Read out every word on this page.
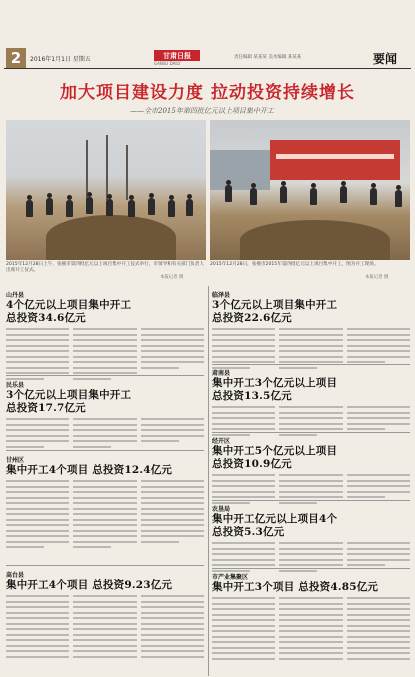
2	2016年1月1日 星期五	甘肃日报
GANSU DAILY
责任编辑 某某某 美术编辑 某某某	要闻
加大项目建设力度 拉动投资持续增长
——全市2015年第四批亿元以上项目集中开工
2015年12月28日上午，张掖市第四批亿元以上项目集中开工仪式举行，市领导和有关部门负责人出席开工仪式。
本报记者 摄
2015年12月28日，张掖市2015年第四批亿元以上项目集中开工，图为开工现场。
本报记者 摄
山丹县
4个亿元以上项目集中开工
总投资34.6亿元
民乐县
3个亿元以上项目集中开工
总投资17.7亿元
甘州区
集中开工4个项目 总投资12.4亿元
高台县
集中开工4个项目 总投资9.23亿元
临泽县
3个亿元以上项目集中开工
总投资22.6亿元
肃南县
集中开工3个亿元以上项目
总投资13.5亿元
经开区
集中开工5个亿元以上项目
总投资10.9亿元
农垦局
集中开工亿元以上项目4个
总投资5.3亿元
市产业集聚区
集中开工3个项目 总投资4.85亿元
